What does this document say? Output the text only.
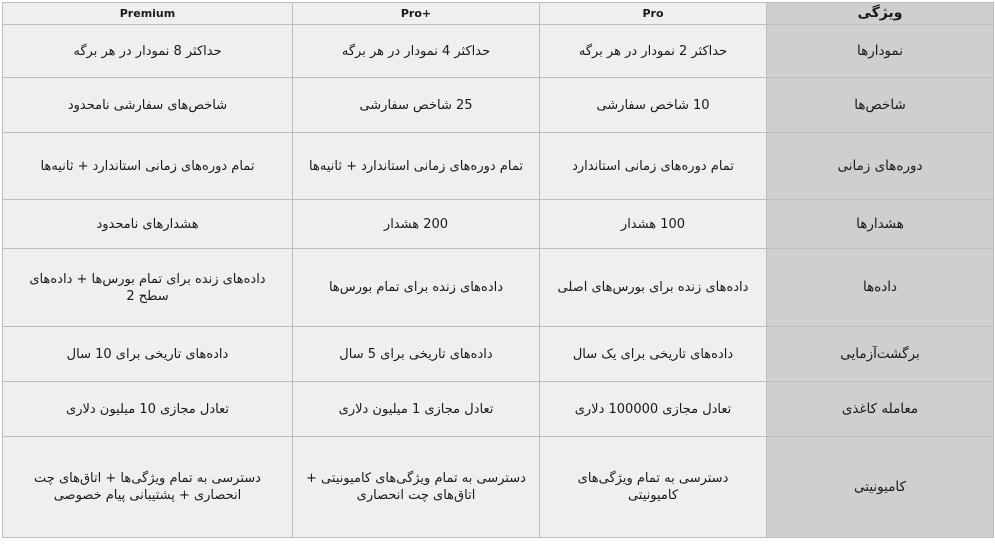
Premium	Pro+	Pro	ویژگی
حداکثر 8 نمودار در هر برگه	حداکثر 4 نمودار در هر برگه	حداکثر 2 نمودار در هر برگه	نمودارها
شاخص‌های سفارشی نامحدود	25 شاخص سفارشی	10 شاخص سفارشی	شاخص‌ها
تمام دوره‌های زمانی استاندارد + ثانیه‌ها	تمام دوره‌های زمانی استاندارد + ثانیه‌ها	تمام دوره‌های زمانی استاندارد	دوره‌های زمانی
هشدارهای نامحدود	200 هشدار	100 هشدار	هشدارها
داده‌های زنده برای تمام بورس‌ها + داده‌های سطح 2	داده‌های زنده برای تمام بورس‌ها	داده‌های زنده برای بورس‌های اصلی	داده‌ها
داده‌های تاریخی برای 10 سال	داده‌های تاریخی برای 5 سال	داده‌های تاریخی برای یک سال	برگشت‌آزمایی
تعادل مجازی 10 میلیون دلاری	تعادل مجازی 1 میلیون دلاری	تعادل مجازی 100000 دلاری	معامله کاغذی
دسترسی به تمام ویژگی‌ها + اتاق‌های چت انحصاری + پشتیبانی پیام خصوصی	دسترسی به تمام ویژگی‌های کامیونیتی + اتاق‌های چت انحصاری	دسترسی به تمام ویژگی‌های کامیونیتی	کامیونیتی
